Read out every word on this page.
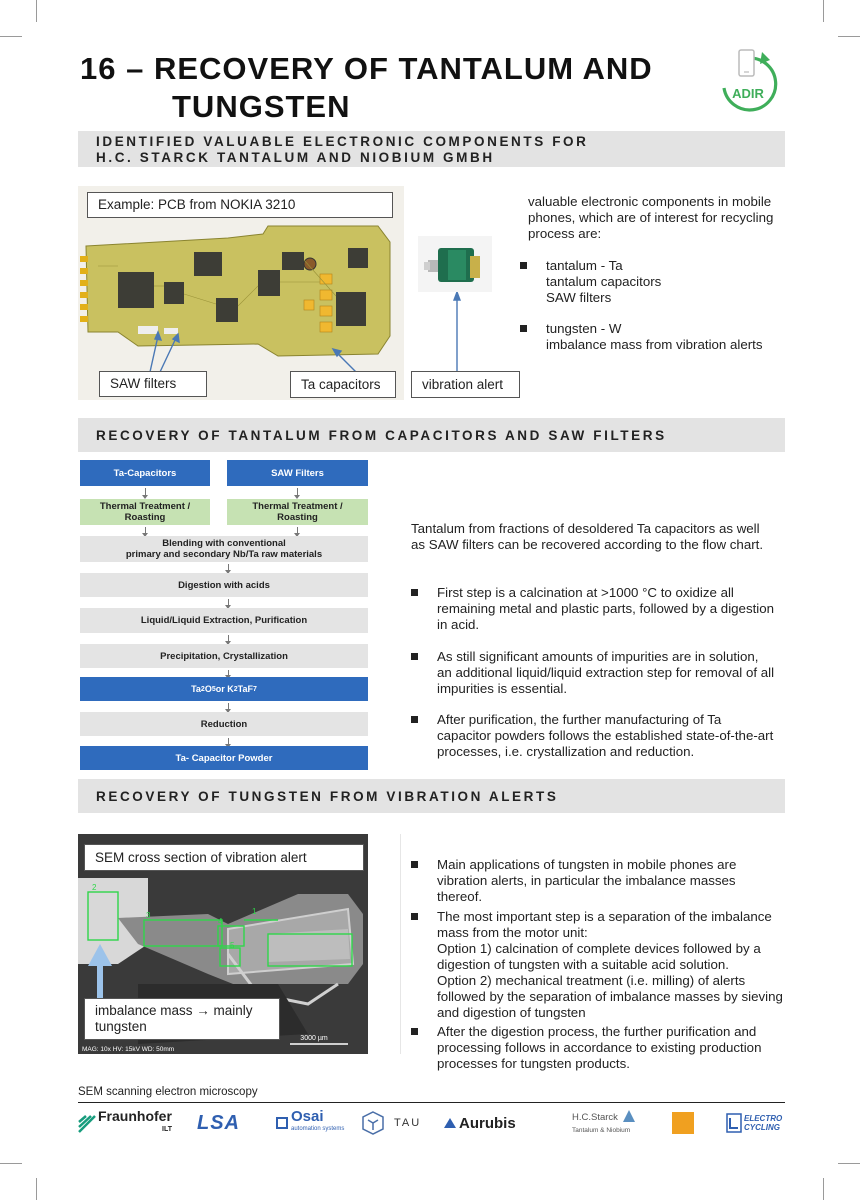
16 – RECOVERY OF TANTALUM AND
TUNGSTEN	ADIR
IDENTIFIED VALUABLE ELECTRONIC COMPONENTS FOR
H.C. STARCK TANTALUM AND NIOBIUM GMBH
Example: PCB from NOKIA 3210
SAW filters	Ta capacitors	vibration alert
valuable electronic components in mobile phones, which are of interest for recycling process are:
tantalum - Ta
tantalum capacitors
SAW filters
tungsten - W
imbalance mass from vibration alerts
RECOVERY OF TANTALUM FROM CAPACITORS AND SAW FILTERS
Ta-Capacitors	SAW Filters
Thermal Treatment / Roasting
Thermal Treatment / Roasting
Blending with conventional
primary and secondary Nb/Ta raw materials
Digestion with acids
Liquid/Liquid Extraction, Purification
Precipitation, Crystallization
Ta 2 O 5 or K 2 TaF 7
Reduction
Ta- Capacitor Powder
Tantalum from fractions of desoldered Ta capacitors as well as SAW filters can be recovered according to the flow chart.
First step is a calcination at >1000 °C to oxidize all remaining metal and plastic parts, followed by a digestion in acid.
As still significant amounts of impurities are in solution, an additional liquid/liquid extraction step for removal of all impurities is essential.
After purification, the further manufacturing of Ta capacitor powders follows the established state-of-the-art processes, i.e. crystallization and reduction.
RECOVERY OF TUNGSTEN FROM VIBRATION ALERTS
2
3
4
5
1
3000 µm
MAG: 10x HV: 15kV WD: 50mm
SEM cross section of vibration alert
imbalance mass → mainly tungsten
Main applications of tungsten in mobile phones are vibration alerts, in particular the imbalance masses thereof.
The most important step is a separation of the imbalance mass from the motor unit:
Option 1) calcination of complete devices followed by a digestion of tungsten with a suitable acid solution.
Option 2) mechanical treatment (i.e. milling) of alerts followed by the separation of imbalance masses by sieving and digestion of tungsten
After the digestion process, the further purification and processing follows in accordance to existing production processes for tungsten products.
SEM scanning electron microscopy
Fraunhofer
ILT LSA	Osai
automation systems	TAU	Aurubis	H.C.Starck
Tantalum & Niobium
ELECTRO CYCLING
